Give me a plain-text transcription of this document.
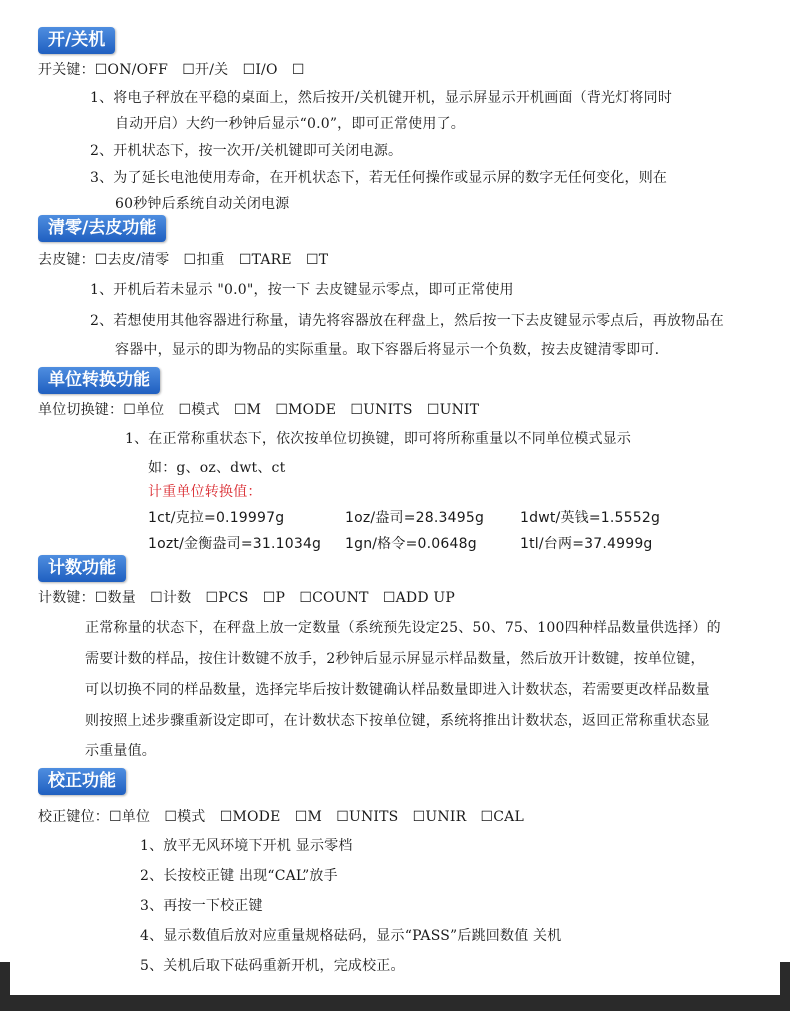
开/关机
开关键：☐ON/OFF　☐开/关　☐I/O　☐
1、将电子秤放在平稳的桌面上，然后按开/关机键开机，显示屏显示开机画面（背光灯将同时
自动开启）大约一秒钟后显示“0.0”，即可正常使用了。
2、开机状态下，按一次开/关机键即可关闭电源。
3、为了延长电池使用寿命，在开机状态下，若无任何操作或显示屏的数字无任何变化，则在
60秒钟后系统自动关闭电源
清零/去皮功能
去皮键：☐去皮/清零　☐扣重　☐TARE　☐T
1、开机后若未显示 "0.0"，按一下 去皮键显示零点，即可正常使用
2、若想使用其他容器进行称量，请先将容器放在秤盘上，然后按一下去皮键显示零点后，再放物品在
容器中，显示的即为物品的实际重量。取下容器后将显示一个负数，按去皮键清零即可.
单位转换功能
单位切换键：☐单位　☐模式　☐M　☐MODE　☐UNITS　☐UNIT
1、在正常称重状态下，依次按单位切换键，即可将所称重量以不同单位模式显示
如：g、oz、dwt、ct
计重单位转换值：
1ct/克拉=0.19997g	1oz/盎司=28.3495g	1dwt/英钱=1.5552g
1ozt/金衡盎司=31.1034g 1gn/格令=0.0648g	1tl/台两=37.4999g
计数功能
计数键：☐数量　☐计数　☐PCS　☐P　☐COUNT　☐ADD UP
正常称量的状态下，在秤盘上放一定数量（系统预先设定25、50、75、100四种样品数量供选择）的
需要计数的样品，按住计数键不放手，2秒钟后显示屏显示样品数量，然后放开计数键，按单位键，
可以切换不同的样品数量，选择完毕后按计数键确认样品数量即进入计数状态，若需要更改样品数量
则按照上述步骤重新设定即可，在计数状态下按单位键，系统将推出计数状态，返回正常称重状态显
示重量值。
校正功能
校正键位：☐单位　☐模式　☐MODE　☐M　☐UNITS　☐UNIR　☐CAL
1、放平无风环境下开机 显示零档
2、长按校正键 出现“CAL”放手
3、再按一下校正键
4、显示数值后放对应重量规格砝码，显示“PASS”后跳回数值 关机
5、关机后取下砝码重新开机，完成校正。
